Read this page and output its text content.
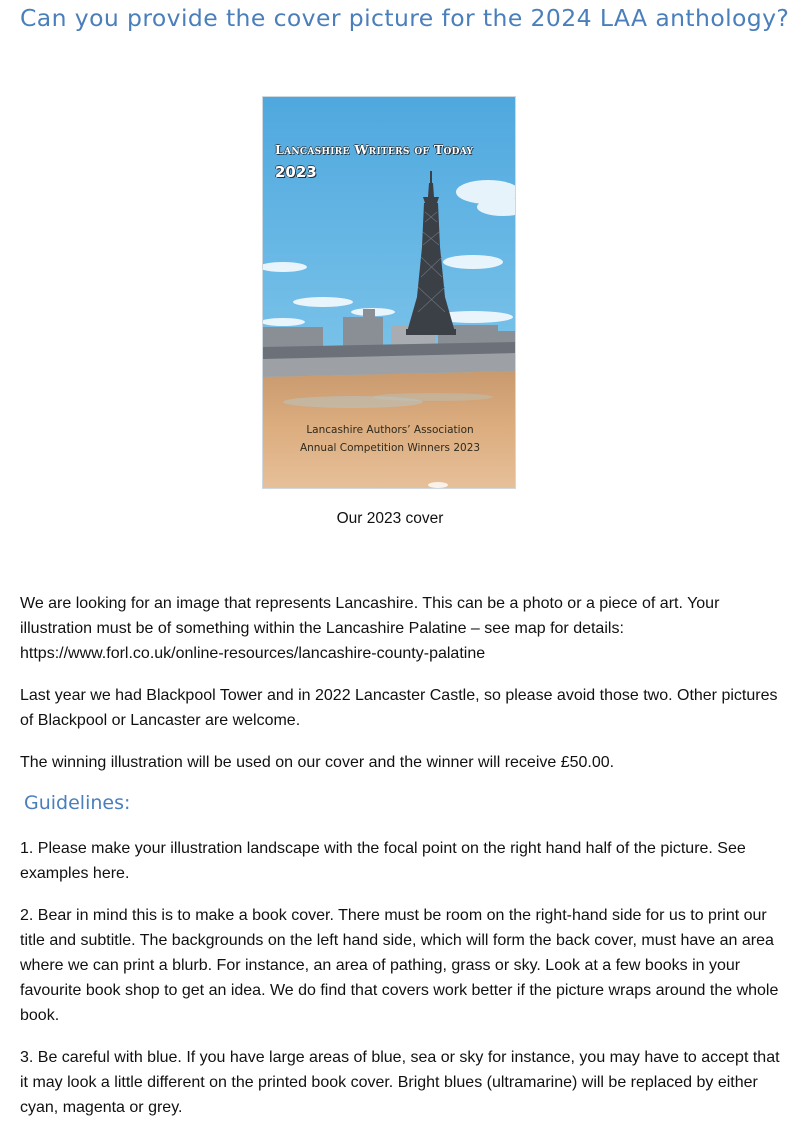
Can you provide the cover picture for the 2024 LAA anthology?
Lancashire Writers of Today
2023
Lancashire Authors’ Association
Annual Competition Winners 2023
Our 2023 cover

We are looking for an image that represents Lancashire. This can be a photo or a piece of art. Your illustration must be of something within the Lancashire Palatine – see map for details: https://www.forl.co.uk/online-resources/lancashire-county-palatine

Last year we had Blackpool Tower and in 2022 Lancaster Castle, so please avoid those two. Other pictures of Blackpool or Lancaster are welcome.

The winning illustration will be used on our cover and the winner will receive £50.00.

Guidelines:

1. Please make your illustration landscape with the focal point on the right hand half of the picture. See examples here.

2. Bear in mind this is to make a book cover. There must be room on the right-hand side for us to print our title and subtitle. The backgrounds on the left hand side, which will form the back cover, must have an area where we can print a blurb. For instance, an area of pathing, grass or sky. Look at a few books in your favourite book shop to get an idea. We do find that covers work better if the picture wraps around the whole book.

3. Be careful with blue. If you have large areas of blue, sea or sky for instance, you may have to accept that it may look a little different on the printed book cover. Bright blues (ultramarine) will be replaced by either cyan, magenta or grey.
